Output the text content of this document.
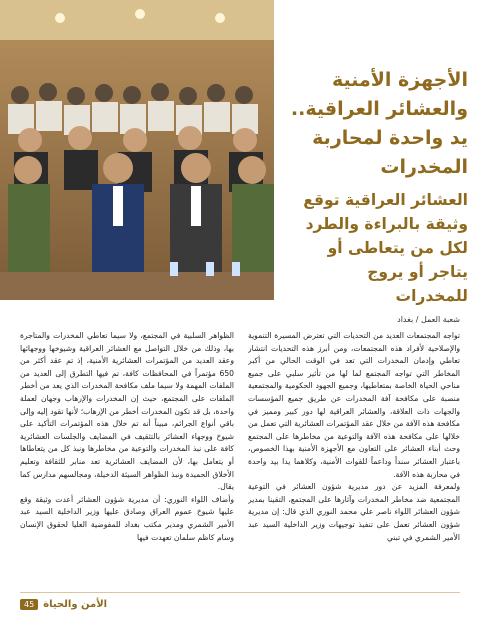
الأجهزة الأمنية والعشائر العراقية.. يد واحدة لمحاربة المخدرات
العشائر العراقية توقع وثيقة بالبراءة والطرد لكل من يتعاطى أو يتاجر أو يروج للمخدرات
شعبة العمل / بغداد

تواجه المجتمعات العديد من التحديات التي تعترض المسيرة التنموية والإصلاحية لأفراد هذه المجتمعات، ومن أبرز هذه التحديات انتشار تعاطي وإدمان المخدرات التي تعد في الوقت الحالي من أكبر المخاطر التي تواجه المجتمع لما لها من تأثير سلبي على جميع مناحي الحياة الخاصة بمتعاطيها، وجميع الجهود الحكومية والمجتمعية منصبة على مكافحة آفة المخدرات عن طريق جميع المؤسسات والجهات ذات العلاقة، والعشائر العراقية لها دور كبير ومميز في مكافحة هذه الآفة من خلال عقد المؤتمرات العشائرية التي تعمل من خلالها على مكافحة هذه الآفة والتوعية من مخاطرها على المجتمع وحث أبناء العشائر على التعاون مع الأجهزة الأمنية بهذا الخصوص، باعتبار العشائر سنداً وداعماً للقوات الأمنية، وكلاهما يدا بيد واحدة في محاربة هذه الآفة.

ولمعرفة المزيد عن دور مديرية شؤون العشائر في التوعية المجتمعية ضد مخاطر المخدرات وآثارها على المجتمع، التقينا بمدير شؤون العشائر اللواء ناصر علي محمد النوري الذي قال: إن مديرية شؤون العشائر تعمل على تنفيذ توجيهات وزير الداخلية السيد عبد الأمير الشمري في تبني

الظواهر السلبية في المجتمع، ولا سيما تعاطي المخدرات والمتاجرة بها، وذلك من خلال التواصل مع العشائر العراقية وشيوخها ووجهائها وعقد العديد من المؤتمرات العشائرية الأمنية، إذ تم عقد أكثر من 650 مؤتمراً في المحافظات كافة، تم فيها التطرق إلى العديد من الملفات المهمة ولا سيما ملف مكافحة المخدرات الذي يعد من أخطر الملفات على المجتمع، حيث إن المخدرات والإرهاب وجهان لعملة واحدة، بل قد تكون المخدرات أخطر من الإرهاب؛ لأنها تقود إليه وإلى باقي أنواع الجرائم، مبيناً أنه تم خلال هذه المؤتمرات التأكيد على شيوخ ووجهاء العشائر بالتثقيف في المضايف والجلسات العشائرية كافة على نبذ المخدرات والتوعية من مخاطرها ونبذ كل من يتعاطاها أو يتعامل بها، لأن المضايف العشائرية تعد منابر للثقافة وتعليم الأخلاق الحميدة ونبذ الظواهر السيئة الدخيلة، ومجالسهم مدارس كما يقال.

وأضاف اللواء النوري: أن مديرية شؤون العشائر أعدت وثيقة وقع عليها شيوخ عموم العراق وصادق عليها وزير الداخلية السيد عبد الأمير الشمري ومدير مكتب بغداد للمفوضية العليا لحقوق الإنسان وسام كاظم سلمان تعهدت فيها

الأمن والحياة
45
